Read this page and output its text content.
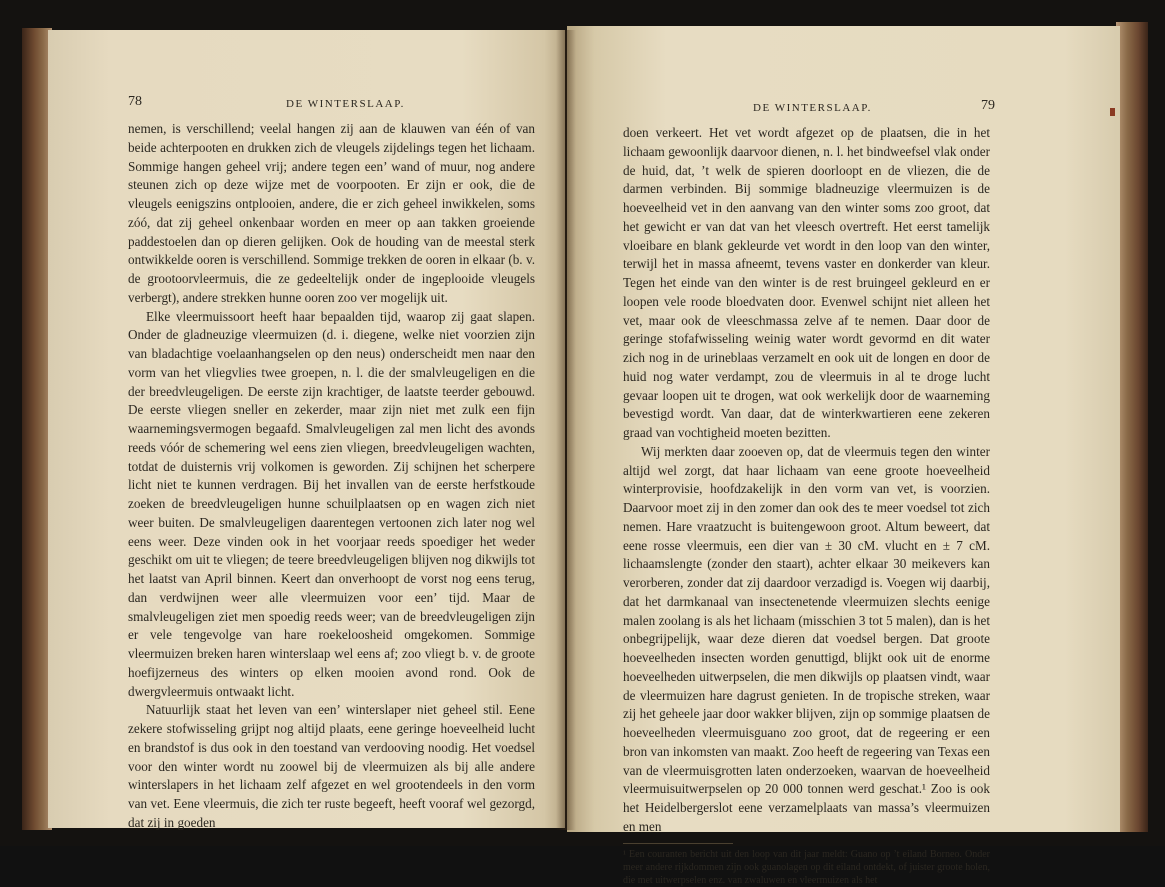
78	DE WINTERSLAAP.

nemen, is verschillend; veelal hangen zij aan de klauwen van één of van beide achterpooten en drukken zich de vleugels zijdelings tegen het lichaam. Sommige hangen geheel vrij; andere tegen een’ wand of muur, nog andere steunen zich op deze wijze met de voorpooten. Er zijn er ook, die de vleugels eenigszins ontplooien, andere, die er zich geheel inwikkelen, soms zóó, dat zij geheel onkenbaar worden en meer op aan takken groeiende paddestoelen dan op dieren gelijken. Ook de houding van de meestal sterk ontwikkelde ooren is verschillend. Sommige trekken de ooren in elkaar (b. v. de grootoorvleermuis, die ze gedeeltelijk onder de ingeplooide vleugels verbergt), andere strekken hunne ooren zoo ver mogelijk uit.

Elke vleermuissoort heeft haar bepaalden tijd, waarop zij gaat slapen. Onder de gladneuzige vleermuizen (d. i. diegene, welke niet voorzien zijn van bladachtige voelaanhangselen op den neus) onderscheidt men naar den vorm van het vliegvlies twee groepen, n. l. die der smalvleugeligen en die der breedvleugeligen. De eerste zijn krachtiger, de laatste teerder gebouwd. De eerste vliegen sneller en zekerder, maar zijn niet met zulk een fijn waarnemingsvermogen begaafd. Smalvleugeligen zal men licht des avonds reeds vóór de schemering wel eens zien vliegen, breedvleugeligen wachten, totdat de duisternis vrij volkomen is geworden. Zij schijnen het scherpere licht niet te kunnen verdragen. Bij het invallen van de eerste herfstkoude zoeken de breedvleugeligen hunne schuilplaatsen op en wagen zich niet weer buiten. De smalvleugeligen daarentegen vertoonen zich later nog wel eens weer. Deze vinden ook in het voorjaar reeds spoediger het weder geschikt om uit te vliegen; de teere breedvleugeligen blijven nog dikwijls tot het laatst van April binnen. Keert dan onverhoopt de vorst nog eens terug, dan verdwijnen weer alle vleermuizen voor een’ tijd. Maar de smalvleugeligen ziet men spoedig reeds weer; van de breedvleugeligen zijn er vele tengevolge van hare roekeloosheid omgekomen. Sommige vleermuizen breken haren winterslaap wel eens af; zoo vliegt b. v. de groote hoefijzerneus des winters op elken mooien avond rond. Ook de dwergvleermuis ontwaakt licht.

Natuurlijk staat het leven van een’ winterslaper niet geheel stil. Eene zekere stofwisseling grijpt nog altijd plaats, eene geringe hoeveelheid lucht en brandstof is dus ook in den toestand van verdooving noodig. Het voedsel voor den winter wordt nu zoowel bij de vleermuizen als bij alle andere winterslapers in het lichaam zelf afgezet en wel grootendeels in den vorm van vet. Eene vleermuis, die zich ter ruste begeeft, heeft vooraf wel gezorgd, dat zij in goeden

DE WINTERSLAAP.	79

doen verkeert. Het vet wordt afgezet op de plaatsen, die in het lichaam gewoonlijk daarvoor dienen, n. l. het bindweefsel vlak onder de huid, dat, ’t welk de spieren doorloopt en de vliezen, die de darmen verbinden. Bij sommige bladneuzige vleermuizen is de hoeveelheid vet in den aanvang van den winter soms zoo groot, dat het gewicht er van dat van het vleesch overtreft. Het eerst tamelijk vloeibare en blank gekleurde vet wordt in den loop van den winter, terwijl het in massa afneemt, tevens vaster en donkerder van kleur. Tegen het einde van den winter is de rest bruingeel gekleurd en er loopen vele roode bloedvaten door. Evenwel schijnt niet alleen het vet, maar ook de vleeschmassa zelve af te nemen. Daar door de geringe stofafwisseling weinig water wordt gevormd en dit water zich nog in de urineblaas verzamelt en ook uit de longen en door de huid nog water verdampt, zou de vleermuis in al te droge lucht gevaar loopen uit te drogen, wat ook werkelijk door de waarneming bevestigd wordt. Van daar, dat de winterkwartieren eene zekeren graad van vochtigheid moeten bezitten.

Wij merkten daar zooeven op, dat de vleermuis tegen den winter altijd wel zorgt, dat haar lichaam van eene groote hoeveelheid winterprovisie, hoofdzakelijk in den vorm van vet, is voorzien. Daarvoor moet zij in den zomer dan ook des te meer voedsel tot zich nemen. Hare vraatzucht is buitengewoon groot. Altum beweert, dat eene rosse vleermuis, een dier van ± 30 cM. vlucht en ± 7 cM. lichaamslengte (zonder den staart), achter elkaar 30 meikevers kan verorberen, zonder dat zij daardoor verzadigd is. Voegen wij daarbij, dat het darmkanaal van insectenetende vleermuizen slechts eenige malen zoolang is als het lichaam (misschien 3 tot 5 malen), dan is het onbegrijpelijk, waar deze dieren dat voedsel bergen. Dat groote hoeveelheden insecten worden genuttigd, blijkt ook uit de enorme hoeveelheden uitwerpselen, die men dikwijls op plaatsen vindt, waar de vleermuizen hare dagrust genieten. In de tropische streken, waar zij het geheele jaar door wakker blijven, zijn op sommige plaatsen de hoeveelheden vleermuisguano zoo groot, dat de regeering er een bron van inkomsten van maakt. Zoo heeft de regeering van Texas een van de vleermuisgrotten laten onderzoeken, waarvan de hoeveelheid vleermuisuitwerpselen op 20 000 tonnen werd geschat.¹ Zoo is ook het Heidelbergerslot eene verzamelplaats van massa’s vleermuizen en men

¹ Een couranten bericht uit den loop van dit jaar meldt: Guano op ’t eiland Borneo. Onder meer andere rijkdommen zijn ook guanolagen op dit eiland ontdekt, of juister groote holen, die met uitwerpselen enz. van zwaluwen en vleermuizen als het
